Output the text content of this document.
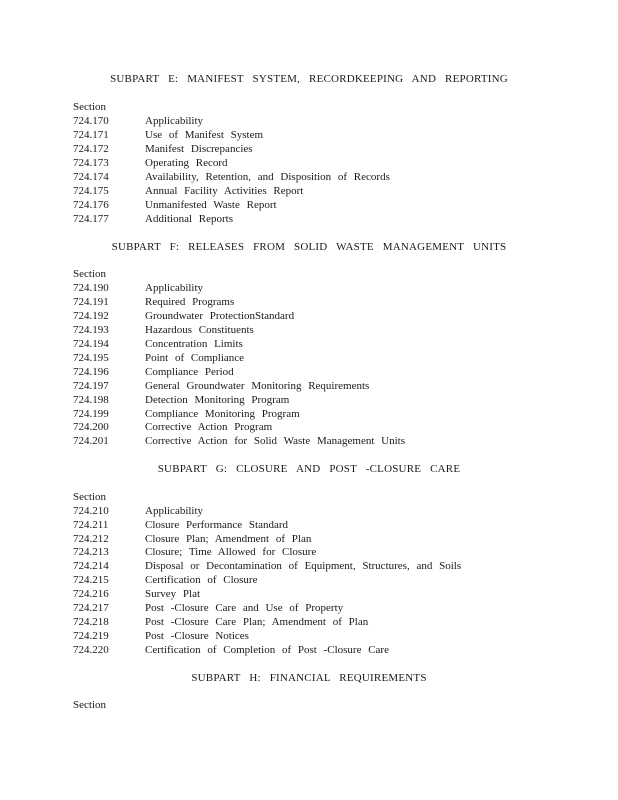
SUBPART E: MANIFEST SYSTEM, RECORDKEEPING AND REPORTING
Section
724.170	Applicability
724.171	Use of Manifest System
724.172	Manifest Discrepancies
724.173	Operating Record
724.174	Availability, Retention, and Disposition of Records
724.175	Annual Facility Activities Report
724.176	Unmanifested Waste Report
724.177	Additional Reports
SUBPART F: RELEASES FROM SOLID WASTE MANAGEMENT UNITS
Section
724.190	Applicability
724.191	Required Programs
724.192	Groundwater ProtectionStandard
724.193	Hazardous Constituents
724.194	Concentration Limits
724.195	Point of Compliance
724.196	Compliance Period
724.197	General Groundwater Monitoring Requirements
724.198	Detection Monitoring Program
724.199	Compliance Monitoring Program
724.200	Corrective Action Program
724.201	Corrective Action for Solid Waste Management Units
SUBPART G: CLOSURE AND POST -CLOSURE CARE
Section
724.210	Applicability
724.211	Closure Performance Standard
724.212	Closure Plan; Amendment of Plan
724.213	Closure; Time Allowed for Closure
724.214	Disposal or Decontamination of Equipment, Structures, and Soils
724.215	Certification of Closure
724.216	Survey Plat
724.217	Post -Closure Care and Use of Property
724.218	Post -Closure Care Plan; Amendment of Plan
724.219	Post -Closure Notices
724.220	Certification of Completion of Post -Closure Care
SUBPART H: FINANCIAL REQUIREMENTS
Section
